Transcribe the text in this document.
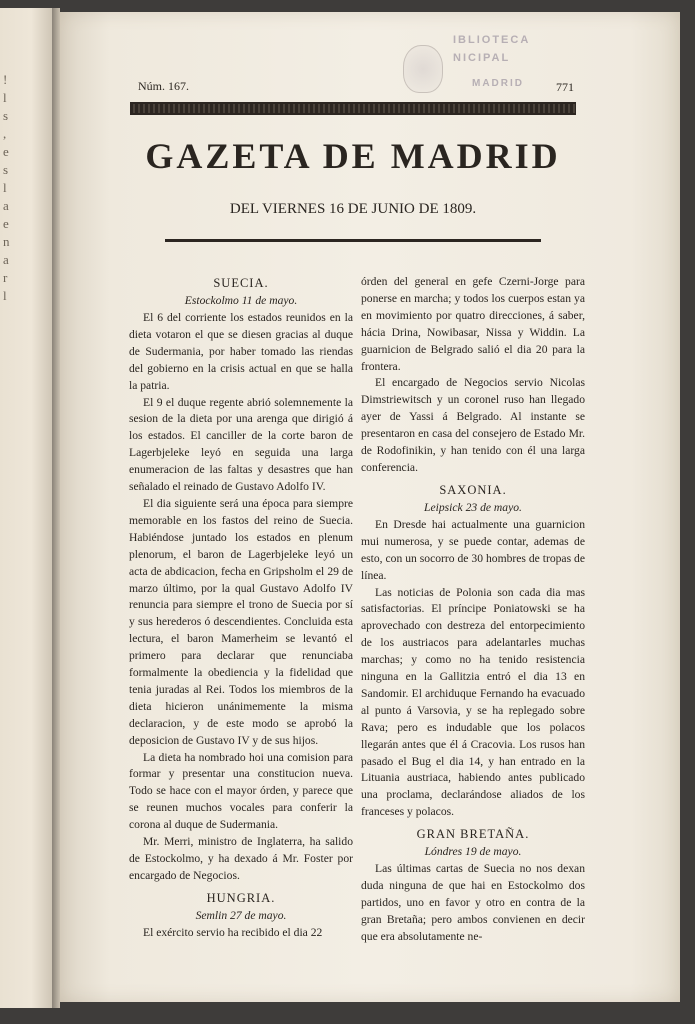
!
l
s
,
e
s
l
a
e
n
a
r
l
IBLIOTECA
NICIPAL
MADRID
Núm. 167.	771
GAZETA DE MADRID
DEL VIERNES 16 DE JUNIO DE 1809.
SUECIA.
Estockolmo 11 de mayo.

El 6 del corriente los estados reunidos en la dieta votaron el que se diesen gracias al duque de Sudermania, por haber tomado las riendas del gobierno en la crisis actual en que se halla la patria.

El 9 el duque regente abrió solemnemente la sesion de la dieta por una arenga que dirigió á los estados. El canciller de la corte baron de Lagerbjeleke leyó en seguida una larga enumeracion de las faltas y desastres que han señalado el reinado de Gustavo Adolfo IV.

El dia siguiente será una época para siempre memorable en los fastos del reino de Suecia. Habiéndose juntado los estados en plenum plenorum, el baron de Lagerbjeleke leyó un acta de abdicacion, fecha en Gripsholm el 29 de marzo último, por la qual Gustavo Adolfo IV renuncia para siempre el trono de Suecia por sí y sus herederos ó descendientes. Concluida esta lectura, el baron Mamerheim se levantó el primero para declarar que renunciaba formalmente la obediencia y la fidelidad que tenia juradas al Rei. Todos los miembros de la dieta hicieron unánimemente la misma declaracion, y de este modo se aprobó la deposicion de Gustavo IV y de sus hijos.

La dieta ha nombrado hoi una comision para formar y presentar una constitucion nueva. Todo se hace con el mayor órden, y parece que se reunen muchos vocales para conferir la corona al duque de Sudermania.

Mr. Merri, ministro de Inglaterra, ha salido de Estockolmo, y ha dexado á Mr. Foster por encargado de Negocios.

HUNGRIA.
Semlin 27 de mayo.

El exército servio ha recibido el dia 22

órden del general en gefe Czerni-Jorge para ponerse en marcha; y todos los cuerpos estan ya en movimiento por quatro direcciones, á saber, hácia Drina, Nowibasar, Nissa y Widdin. La guarnicion de Belgrado salió el dia 20 para la frontera.

El encargado de Negocios servio Nicolas Dimstriewitsch y un coronel ruso han llegado ayer de Yassi á Belgrado. Al instante se presentaron en casa del consejero de Estado Mr. de Rodofinikin, y han tenido con él una larga conferencia.

SAXONIA.
Leipsick 23 de mayo.

En Dresde hai actualmente una guarnicion mui numerosa, y se puede contar, ademas de esto, con un socorro de 30 hombres de tropas de línea.

Las noticias de Polonia son cada dia mas satisfactorias. El príncipe Poniatowski se ha aprovechado con destreza del entorpecimiento de los austriacos para adelantarles muchas marchas; y como no ha tenido resistencia ninguna en la Gallitzia entró el dia 13 en Sandomir. El archiduque Fernando ha evacuado al punto á Varsovia, y se ha replegado sobre Rava; pero es indudable que los polacos llegarán antes que él á Cracovia. Los rusos han pasado el Bug el dia 14, y han entrado en la Lituania austriaca, habiendo antes publicado una proclama, declarándose aliados de los franceses y polacos.

GRAN BRETAÑA.
Lóndres 19 de mayo.

Las últimas cartas de Suecia no nos dexan duda ninguna de que hai en Estockolmo dos partidos, uno en favor y otro en contra de la gran Bretaña; pero ambos convienen en decir que era absolutamente ne-
